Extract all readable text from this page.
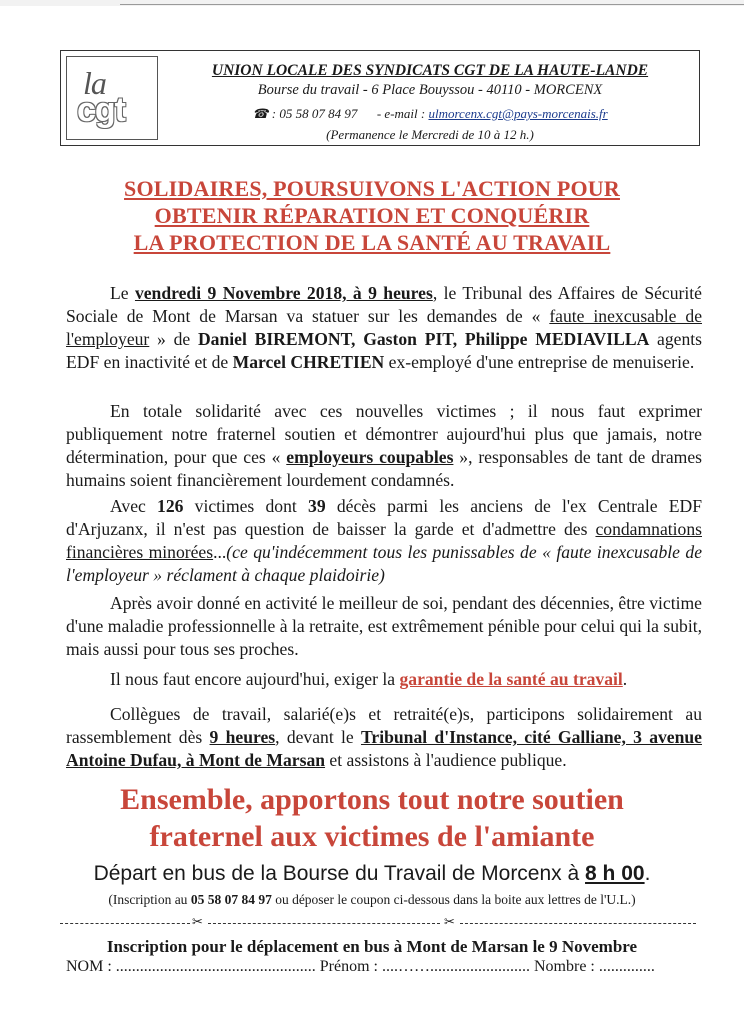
la
cgt
UNION LOCALE DES SYNDICATS CGT DE LA HAUTE-LANDE
Bourse du travail - 6 Place Bouyssou - 40110 - MORCENX
☎ : 05 58 07 84 97 - e-mail : ulmorcenx.cgt@pays-morcenais.fr
(Permanence le Mercredi de 10 à 12 h.)
SOLIDAIRES, POURSUIVONS L'ACTION POUR
OBTENIR RÉPARATION ET CONQUÉRIR
LA PROTECTION DE LA SANTÉ AU TRAVAIL
Le vendredi 9 Novembre 2018, à 9 heures, le Tribunal des Affaires de Sécurité Sociale de Mont de Marsan va statuer sur les demandes de « faute inexcusable de l'employeur » de Daniel BIREMONT, Gaston PIT, Philippe MEDIAVILLA agents EDF en inactivité et de Marcel CHRETIEN ex-employé d'une entreprise de menuiserie.
En totale solidarité avec ces nouvelles victimes ; il nous faut exprimer publiquement notre fraternel soutien et démontrer aujourd'hui plus que jamais, notre détermination, pour que ces « employeurs coupables », responsables de tant de drames humains soient financièrement lourdement condamnés.
Avec 126 victimes dont 39 décès parmi les anciens de l'ex Centrale EDF d'Arjuzanx, il n'est pas question de baisser la garde et d'admettre des condamnations financières minorées...(ce qu'indécemment tous les punissables de « faute inexcusable de l'employeur » réclament à chaque plaidoirie)
Après avoir donné en activité le meilleur de soi, pendant des décennies, être victime d'une maladie professionnelle à la retraite, est extrêmement pénible pour celui qui la subit, mais aussi pour tous ses proches.
Il nous faut encore aujourd'hui, exiger la garantie de la santé au travail.
Collègues de travail, salarié(e)s et retraité(e)s, participons solidairement au rassemblement dès 9 heures, devant le Tribunal d'Instance, cité Galliane, 3 avenue Antoine Dufau, à Mont de Marsan et assistons à l'audience publique.
Ensemble, apportons tout notre soutien
fraternel aux victimes de l'amiante
Départ en bus de la Bourse du Travail de Morcenx à 8 h 00.
(Inscription au 05 58 07 84 97 ou déposer le coupon ci-dessous dans la boite aux lettres de l'U.L.)
✂	✂
Inscription pour le déplacement en bus à Mont de Marsan le 9 Novembre
NOM : .................................................. Prénom : ....……......................... Nombre : ..............
